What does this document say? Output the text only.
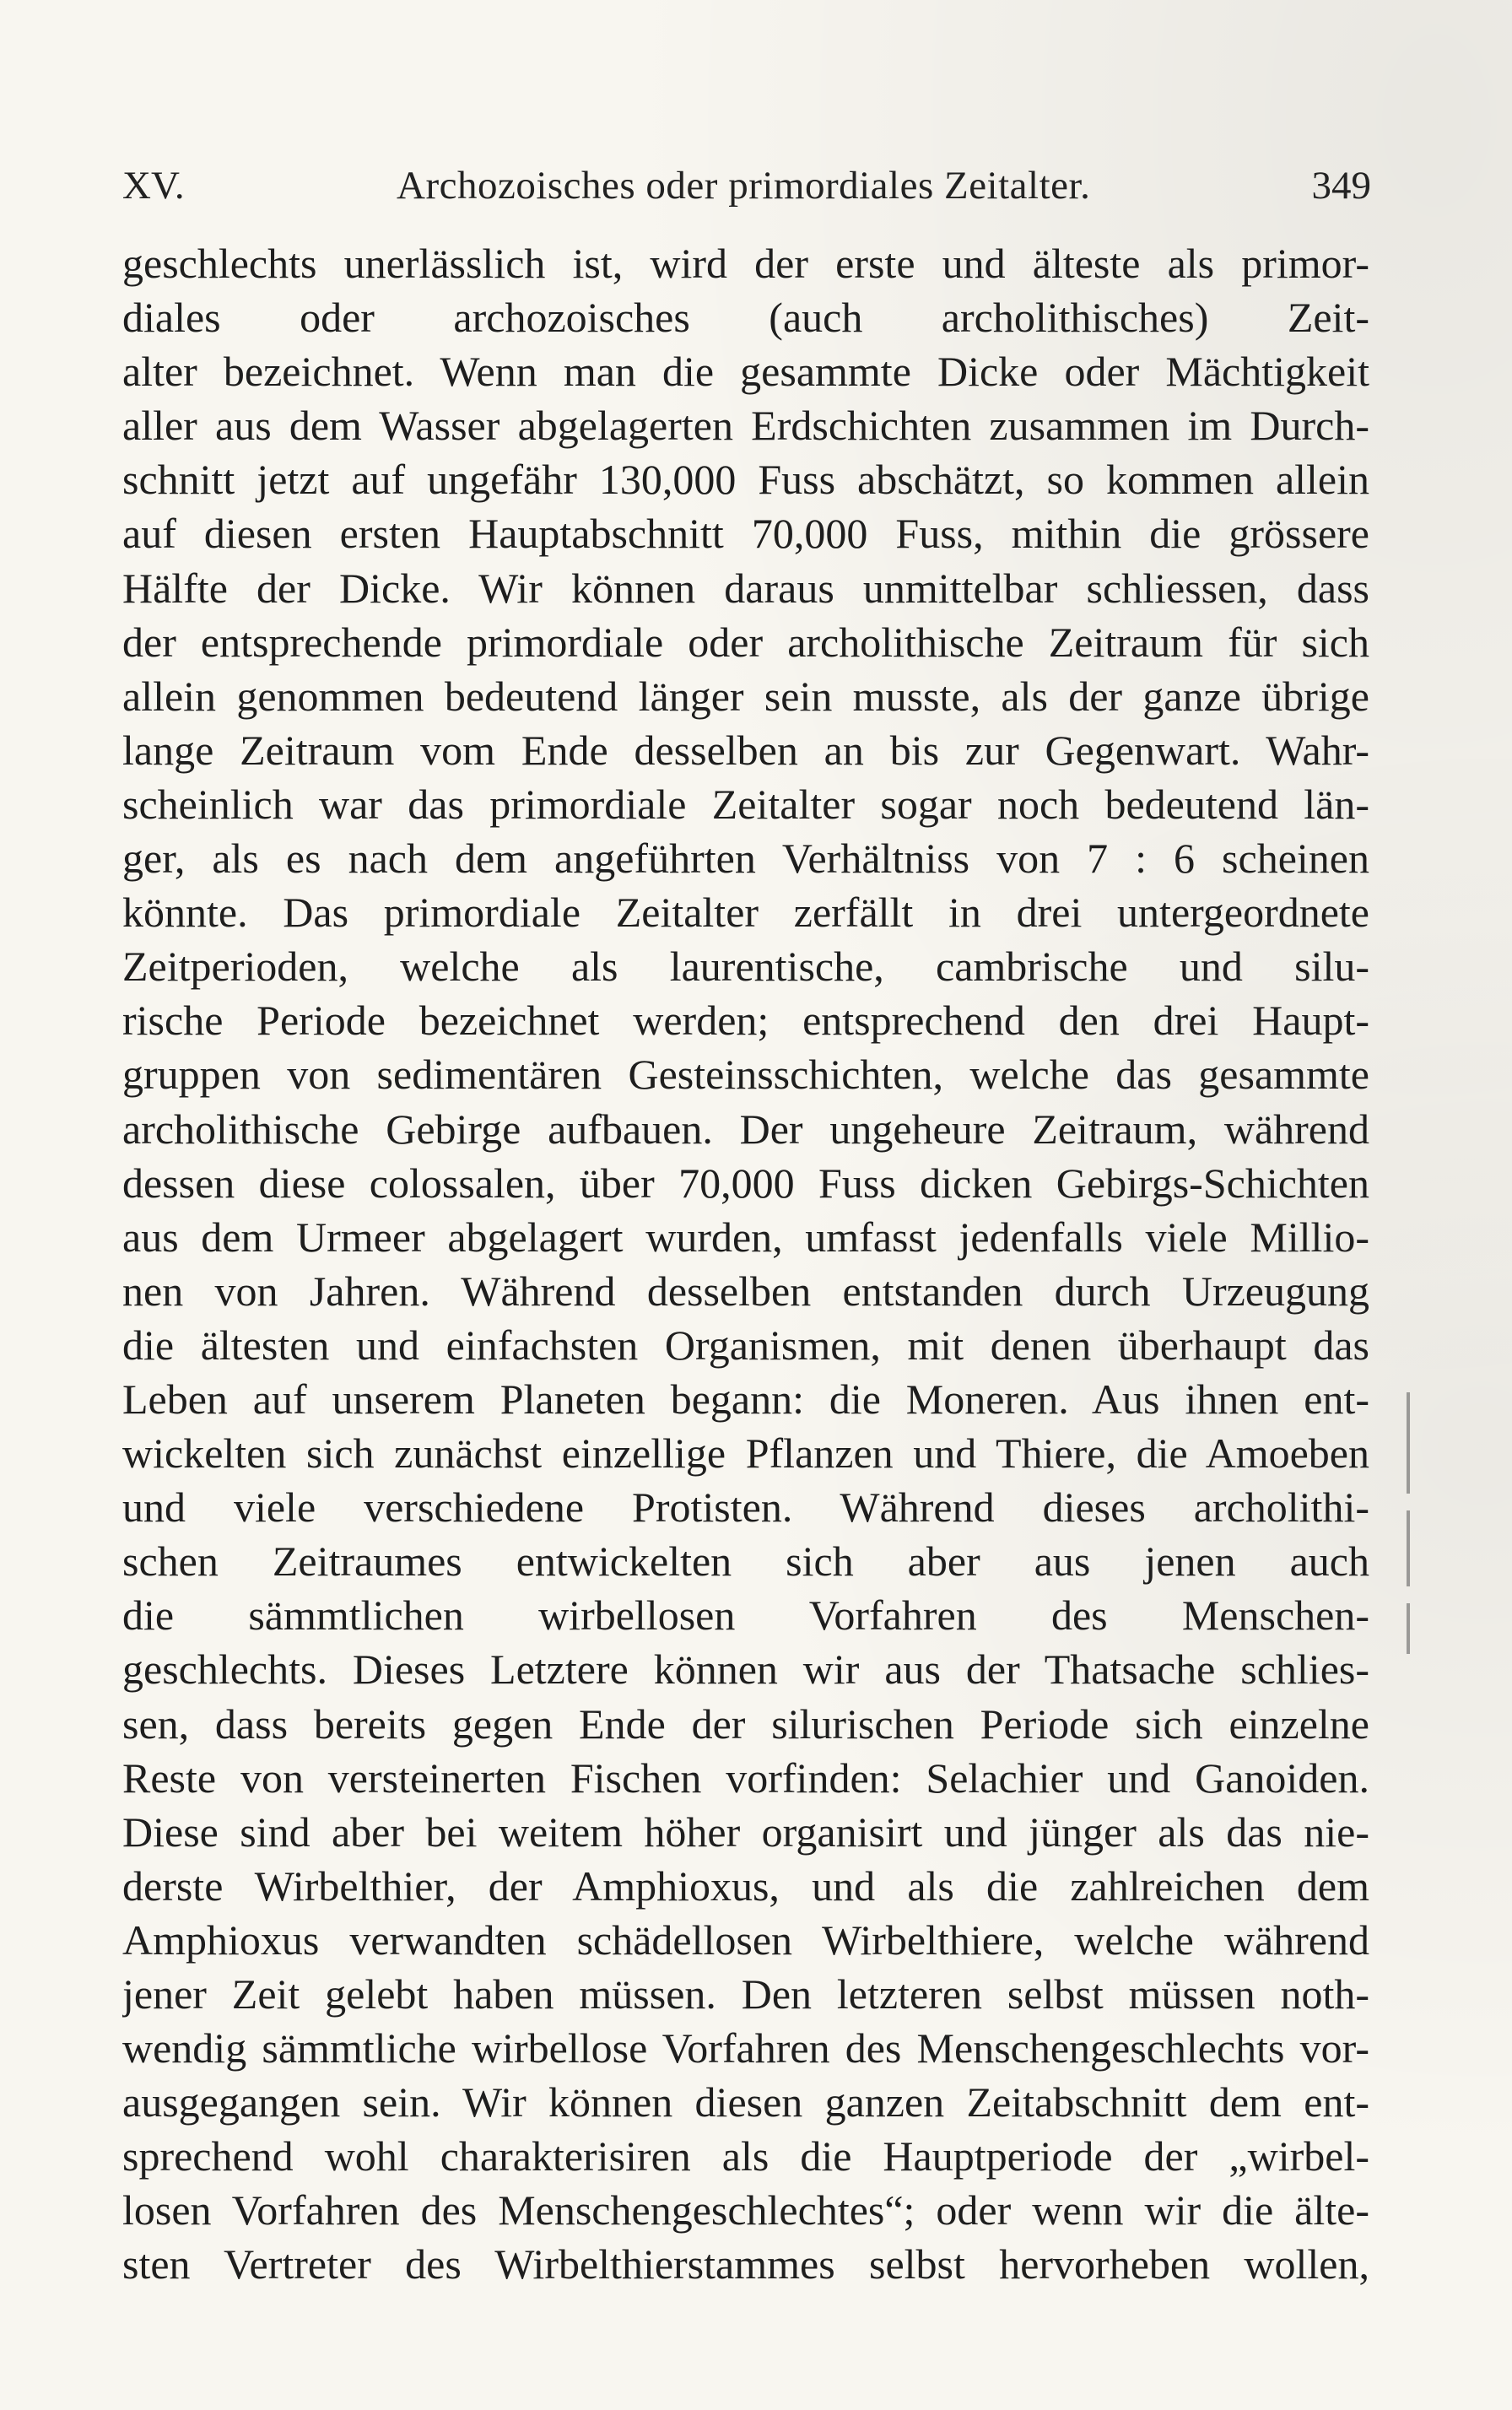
XV.	Archozoisches oder primordiales Zeitalter.	349
geschlechts unerlässlich ist, wird der erste und älteste als primor-
diales oder archozoisches (auch archolithisches) Zeit-
alter bezeichnet. Wenn man die gesammte Dicke oder Mächtigkeit
aller aus dem Wasser abgelagerten Erdschichten zusammen im Durch-
schnitt jetzt auf ungefähr 130,000 Fuss abschätzt, so kommen allein
auf diesen ersten Hauptabschnitt 70,000 Fuss, mithin die grössere
Hälfte der Dicke. Wir können daraus unmittelbar schliessen, dass
der entsprechende primordiale oder archolithische Zeitraum für sich
allein genommen bedeutend länger sein musste, als der ganze übrige
lange Zeitraum vom Ende desselben an bis zur Gegenwart. Wahr-
scheinlich war das primordiale Zeitalter sogar noch bedeutend län-
ger, als es nach dem angeführten Verhältniss von 7 : 6 scheinen
könnte. Das primordiale Zeitalter zerfällt in drei untergeordnete
Zeitperioden, welche als laurentische, cambrische und silu-
rische Periode bezeichnet werden; entsprechend den drei Haupt-
gruppen von sedimentären Gesteinsschichten, welche das gesammte
archolithische Gebirge aufbauen. Der ungeheure Zeitraum, während
dessen diese colossalen, über 70,000 Fuss dicken Gebirgs-Schichten
aus dem Urmeer abgelagert wurden, umfasst jedenfalls viele Millio-
nen von Jahren. Während desselben entstanden durch Urzeugung
die ältesten und einfachsten Organismen, mit denen überhaupt das
Leben auf unserem Planeten begann: die Moneren. Aus ihnen ent-
wickelten sich zunächst einzellige Pflanzen und Thiere, die Amoeben
und viele verschiedene Protisten. Während dieses archolithi-
schen Zeitraumes entwickelten sich aber aus jenen auch
die sämmtlichen wirbellosen Vorfahren des Menschen-
geschlechts. Dieses Letztere können wir aus der Thatsache schlies-
sen, dass bereits gegen Ende der silurischen Periode sich einzelne
Reste von versteinerten Fischen vorfinden: Selachier und Ganoiden.
Diese sind aber bei weitem höher organisirt und jünger als das nie-
derste Wirbelthier, der Amphioxus, und als die zahlreichen dem
Amphioxus verwandten schädellosen Wirbelthiere, welche während
jener Zeit gelebt haben müssen. Den letzteren selbst müssen noth-
wendig sämmtliche wirbellose Vorfahren des Menschengeschlechts vor-
ausgegangen sein. Wir können diesen ganzen Zeitabschnitt dem ent-
sprechend wohl charakterisiren als die Hauptperiode der „wirbel-
losen Vorfahren des Menschengeschlechtes“; oder wenn wir die älte-
sten Vertreter des Wirbelthierstammes selbst hervorheben wollen,
